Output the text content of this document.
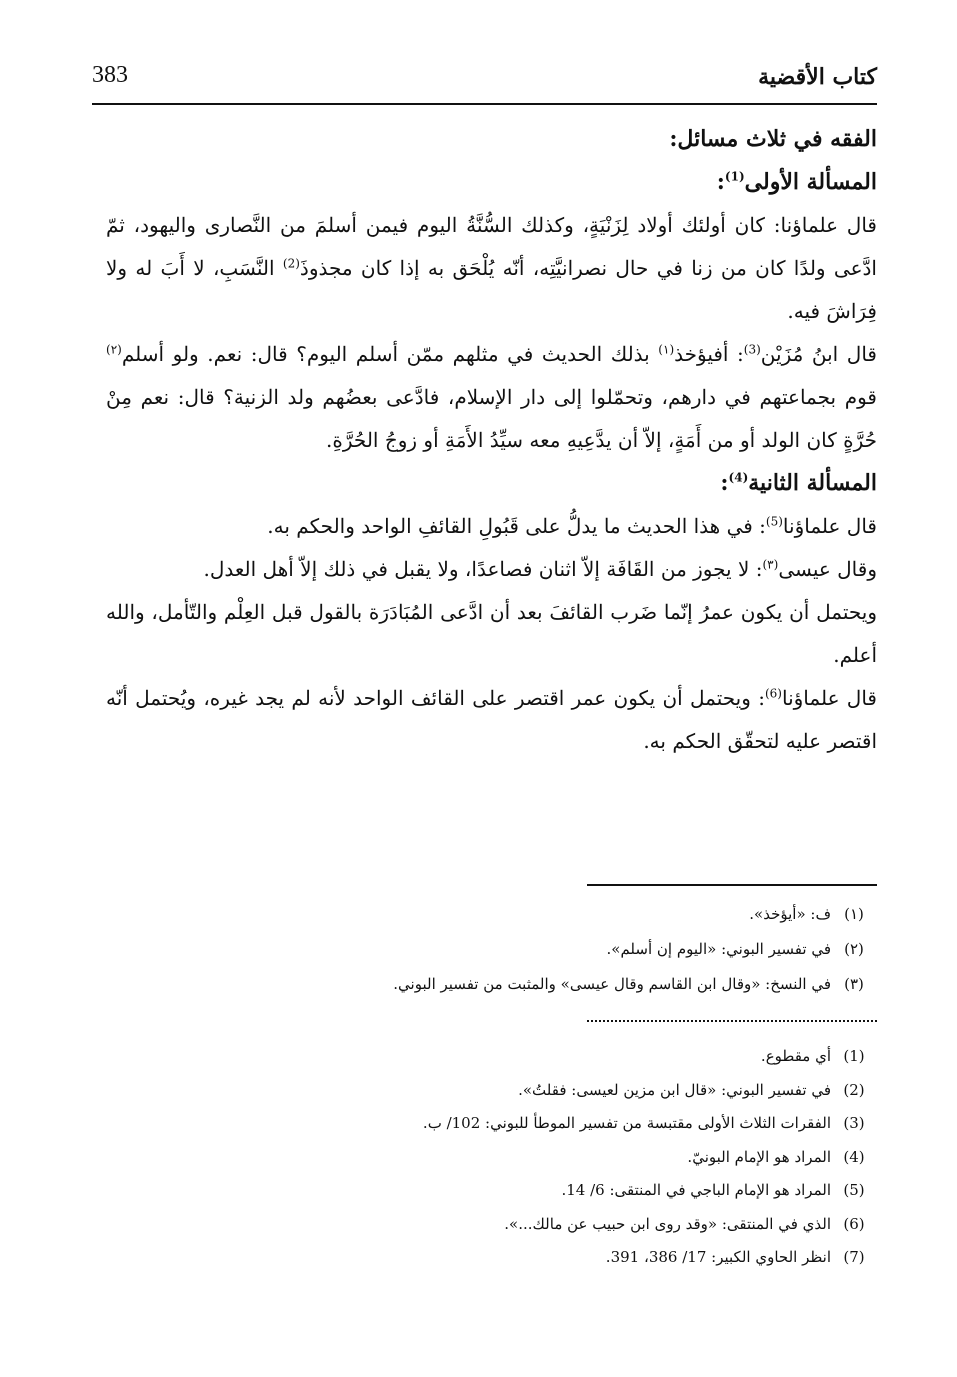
383	كتاب الأقضية

الفقه في ثلاث مسائل:

المسألة الأولى$^{(1)}$:

قال علماؤنا: كان أولئك أولاد لِزَنْيَةٍ، وكذلك السُّنَّةُ اليوم فيمن أسلمَ من النَّصارى واليهود، ثمّ ادَّعى ولدًا كان من زنا في حال نصرانيَّتِه، أنّه يُلْحَق به إذا كان مجذوذَ$^{(2)}$ النَّسَبِ، لا أَبَ له ولا فِرَاشَ فيه.

قال ابنُ مُزَيْن$^{(3)}$: أفيؤخذ$^{(١)}$ بذلك الحديث في مثلهم ممّن أسلم اليوم؟ قال: نعم. ولو أسلم$^{(٢)}$ قوم بجماعتهم في دارهم، وتحمّلوا إلى دار الإسلام، فادَّعى بعضُهم ولد الزنية؟ قال: نعم مِنْ حُرَّةٍ كان الولد أو من أَمَةٍ، إلاّ أن يدَّعِيهِ معه سيِّدُ الأَمَةِ أو زوجُ الحُرَّةِ.

المسألة الثانية$^{(4)}$:

قال علماؤنا$^{(5)}$: في هذا الحديث ما يدلُّ على قَبُولِ القائفِ الواحد والحكم به.

وقال عيسى$^{(٣)}$: لا يجوز من القَافَة إلاّ اثنان فصاعدًا، ولا يقبل في ذلك إلاّ أهل العدل.

ويحتمل أن يكون عمرُ إنّما ضَرب القائفَ بعد أن ادَّعى المُبَادَرَة بالقول قبل العِلْم والتّأمل، والله أعلم.

قال علماؤنا$^{(6)}$: ويحتمل أن يكون عمر اقتصر على القائف الواحد لأنه لم يجد غيره، ويُحتمل أنّه اقتصر عليه لتحقّق الحكم به.

(١)
ف: «أيؤخذ».
(٢)
في تفسير البوني: «اليوم إن أسلم».
(٣)
في النسخ: «وقال ابن القاسم وقال عيسى» والمثبت من تفسير البوني.
(1)
أي مقطوع.
(2)
في تفسير البوني: «قال ابن مزين لعيسى: فقلتُ».
(3)
الفقرات الثلاث الأولى مقتبسة من تفسير الموطأ للبوني: 102/ ب.
(4)
المراد هو الإمام البونيّ.
(5)
المراد هو الإمام الباجي في المنتقى: 6/ 14.
(6)
الذي في المنتقى: «وقد روى ابن حبيب عن مالك...».
(7)
انظر الحاوي الكبير: 17/ 386، 391.
